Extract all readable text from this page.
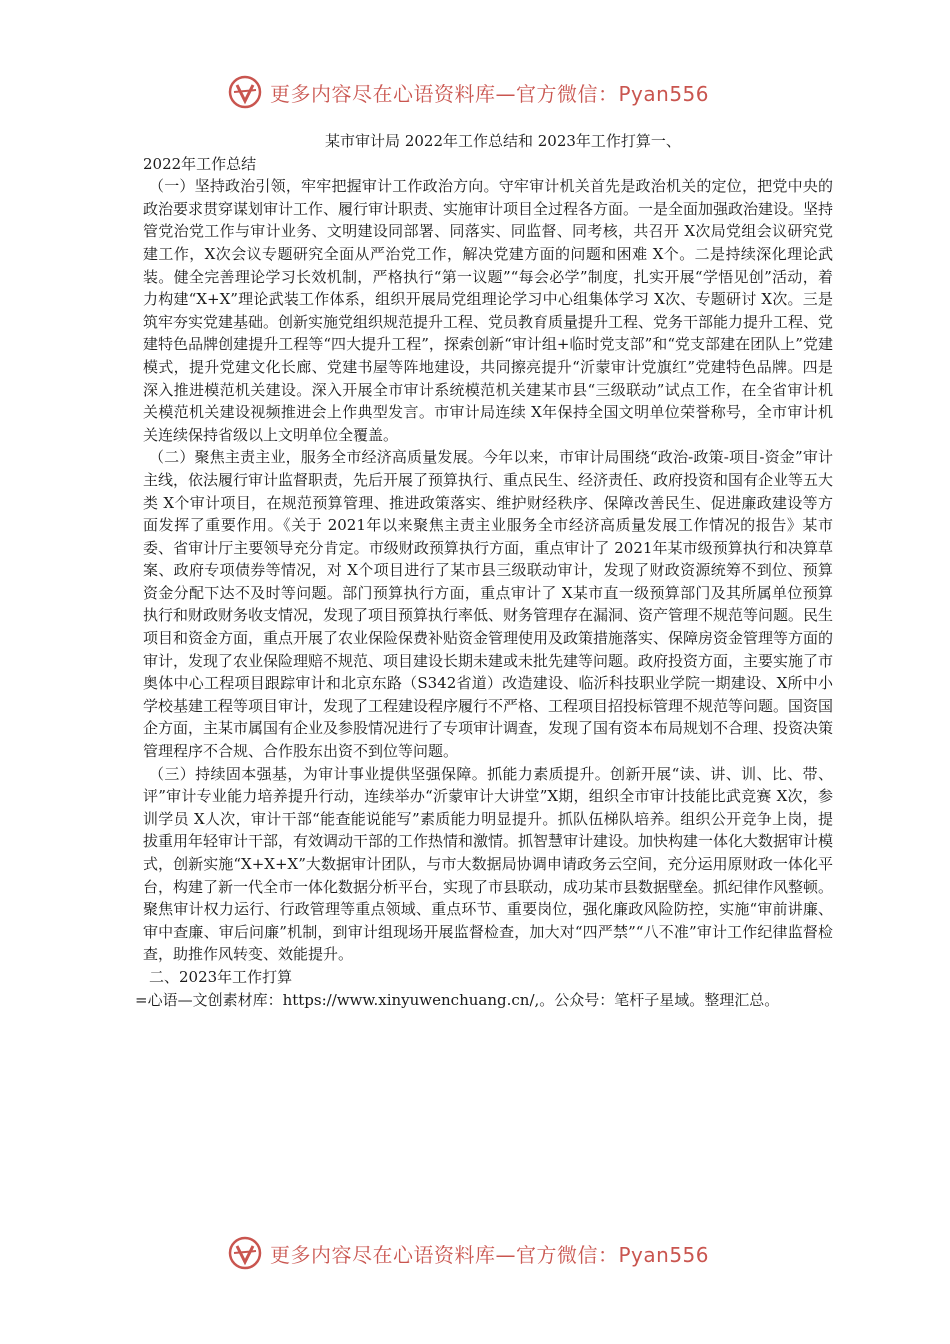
更多内容尽在心语资料库—官方微信：Pyan556

某市审计局 2022年工作总结和 2023年工作打算一、

2022年工作总结

（一）坚持政治引领，牢牢把握审计工作政治方向。守牢审计机关首先是政治机关的定位，把党中央的政治要求贯穿谋划审计工作、履行审计职责、实施审计项目全过程各方面。一是全面加强政治建设。坚持管党治党工作与审计业务、文明建设同部署、同落实、同监督、同考核，共召开 X次局党组会议研究党建工作，X次会议专题研究全面从严治党工作，解决党建方面的问题和困难 X个。二是持续深化理论武装。健全完善理论学习长效机制，严格执行“第一议题”“每会必学”制度，扎实开展“学悟见创”活动，着力构建“X+X”理论武装工作体系，组织开展局党组理论学习中心组集体学习 X次、专题研讨 X次。三是筑牢夯实党建基础。创新实施党组织规范提升工程、党员教育质量提升工程、党务干部能力提升工程、党建特色品牌创建提升工程等“四大提升工程”，探索创新“审计组+临时党支部”和“党支部建在团队上”党建模式，提升党建文化长廊、党建书屋等阵地建设，共同擦亮提升“沂蒙审计党旗红”党建特色品牌。四是深入推进模范机关建设。深入开展全市审计系统模范机关建某市县“三级联动”试点工作，在全省审计机关模范机关建设视频推进会上作典型发言。市审计局连续 X年保持全国文明单位荣誉称号，全市审计机关连续保持省级以上文明单位全覆盖。

（二）聚焦主责主业，服务全市经济高质量发展。今年以来，市审计局围绕“政治-政策-项目-资金”审计主线，依法履行审计监督职责，先后开展了预算执行、重点民生、经济责任、政府投资和国有企业等五大类 X个审计项目，在规范预算管理、推进政策落实、维护财经秩序、保障改善民生、促进廉政建设等方面发挥了重要作用。《关于 2021年以来聚焦主责主业服务全市经济高质量发展工作情况的报告》某市委、省审计厅主要领导充分肯定。市级财政预算执行方面，重点审计了 2021年某市级预算执行和决算草案、政府专项债券等情况，对 X个项目进行了某市县三级联动审计，发现了财政资源统筹不到位、预算资金分配下达不及时等问题。部门预算执行方面，重点审计了 X某市直一级预算部门及其所属单位预算执行和财政财务收支情况，发现了项目预算执行率低、财务管理存在漏洞、资产管理不规范等问题。民生项目和资金方面，重点开展了农业保险保费补贴资金管理使用及政策措施落实、保障房资金管理等方面的审计，发现了农业保险理赔不规范、项目建设长期未建或未批先建等问题。政府投资方面，主要实施了市奥体中心工程项目跟踪审计和北京东路（S342省道）改造建设、临沂科技职业学院一期建设、X所中小学校基建工程等项目审计，发现了工程建设程序履行不严格、工程项目招投标管理不规范等问题。国资国企方面，主某市属国有企业及参股情况进行了专项审计调查，发现了国有资本布局规划不合理、投资决策管理程序不合规、合作股东出资不到位等问题。

（三）持续固本强基，为审计事业提供坚强保障。抓能力素质提升。创新开展“读、讲、训、比、带、评”审计专业能力培养提升行动，连续举办“沂蒙审计大讲堂”X期，组织全市审计技能比武竞赛 X次，参训学员 X人次，审计干部“能查能说能写”素质能力明显提升。抓队伍梯队培养。组织公开竞争上岗，提拔重用年轻审计干部，有效调动干部的工作热情和激情。抓智慧审计建设。加快构建一体化大数据审计模式，创新实施“X+X+X”大数据审计团队，与市大数据局协调申请政务云空间，充分运用原财政一体化平台，构建了新一代全市一体化数据分析平台，实现了市县联动，成功某市县数据壁垒。抓纪律作风整顿。聚焦审计权力运行、行政管理等重点领域、重点环节、重要岗位，强化廉政风险防控，实施“审前讲廉、审中查廉、审后问廉”机制，到审计组现场开展监督检查，加大对“四严禁”“八不准”审计工作纪律监督检查，助推作风转变、效能提升。

二、2023年工作打算

=心语—文创素材库：https://www.xinyuwenchuang.cn/,。公众号：笔杆子星域。整理汇总。

更多内容尽在心语资料库—官方微信：Pyan556
